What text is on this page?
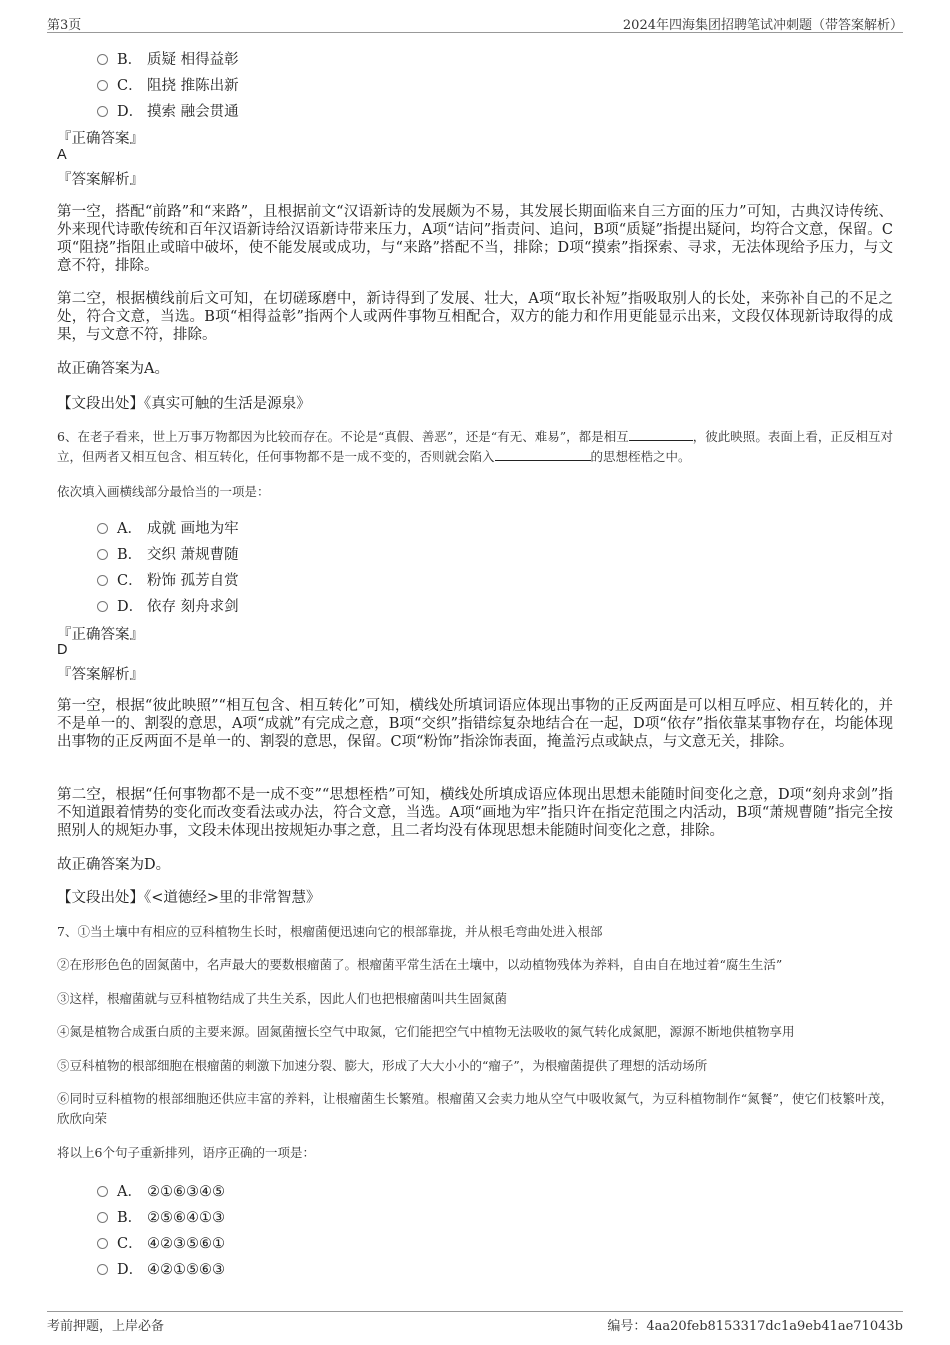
第3页	2024年四海集团招聘笔试冲刺题（带答案解析）
B． 质疑 相得益彰
C． 阻挠 推陈出新
D． 摸索 融会贯通
『正确答案』
A
『答案解析』
第一空，搭配“前路”和“来路”，且根据前文“汉语新诗的发展颇为不易，其发展长期面临来自三方面的压力”可知，古典汉诗传统、外来现代诗歌传统和百年汉语新诗给汉语新诗带来压力，A项“诘问”指责问、追问，B项“质疑”指提出疑问，均符合文意，保留。C项“阻挠”指阻止或暗中破坏，使不能发展或成功，与“来路”搭配不当，排除；D项“摸索”指探索、寻求，无法体现给予压力，与文意不符，排除。
第二空，根据横线前后文可知，在切磋琢磨中，新诗得到了发展、壮大，A项“取长补短”指吸取别人的长处，来弥补自己的不足之处，符合文意，当选。B项“相得益彰”指两个人或两件事物互相配合，双方的能力和作用更能显示出来，文段仅体现新诗取得的成果，与文意不符，排除。
故正确答案为A。
【文段出处】《真实可触的生活是源泉》
6、在老子看来，世上万事万物都因为比较而存在。不论是“真假、善恶”，还是“有无、难易”，都是相互	，彼此映照。表面上看，正反相互对立，但两者又相互包含、相互转化，任何事物都不是一成不变的，否则就会陷入	的思想桎梏之中。
依次填入画横线部分最恰当的一项是：
A． 成就 画地为牢
B． 交织 萧规曹随
C． 粉饰 孤芳自赏
D． 依存 刻舟求剑
『正确答案』
D
『答案解析』
第一空，根据“彼此映照”“相互包含、相互转化”可知，横线处所填词语应体现出事物的正反两面是可以相互呼应、相互转化的，并不是单一的、割裂的意思，A项“成就”有完成之意，B项“交织”指错综复杂地结合在一起，D项“依存”指依靠某事物存在，均能体现出事物的正反两面不是单一的、割裂的意思，保留。C项“粉饰”指涂饰表面，掩盖污点或缺点，与文意无关，排除。
第二空，根据“任何事物都不是一成不变”“思想桎梏”可知，横线处所填成语应体现出思想未能随时间变化之意，D项“刻舟求剑”指不知道跟着情势的变化而改变看法或办法，符合文意，当选。A项“画地为牢”指只许在指定范围之内活动，B项“萧规曹随”指完全按照别人的规矩办事，文段未体现出按规矩办事之意，且二者均没有体现思想未能随时间变化之意，排除。
故正确答案为D。
【文段出处】《<道德经>里的非常智慧》
7、①当土壤中有相应的豆科植物生长时，根瘤菌便迅速向它的根部靠拢，并从根毛弯曲处进入根部
②在形形色色的固氮菌中，名声最大的要数根瘤菌了。根瘤菌平常生活在土壤中，以动植物残体为养料，自由自在地过着“腐生生活”
③这样，根瘤菌就与豆科植物结成了共生关系，因此人们也把根瘤菌叫共生固氮菌
④氮是植物合成蛋白质的主要来源。固氮菌擅长空气中取氮，它们能把空气中植物无法吸收的氮气转化成氮肥，源源不断地供植物享用
⑤豆科植物的根部细胞在根瘤菌的刺激下加速分裂、膨大，形成了大大小小的“瘤子”，为根瘤菌提供了理想的活动场所
⑥同时豆科植物的根部细胞还供应丰富的养料，让根瘤菌生长繁殖。根瘤菌又会卖力地从空气中吸收氮气，为豆科植物制作“氮餐”，使它们枝繁叶茂，欣欣向荣
将以上6个句子重新排列，语序正确的一项是：
A． ②①⑥③④⑤
B． ②⑤⑥④①③
C． ④②③⑤⑥①
D． ④②①⑤⑥③
考前押题，上岸必备	编号：4aa20feb8153317dc1a9eb41ae71043b
